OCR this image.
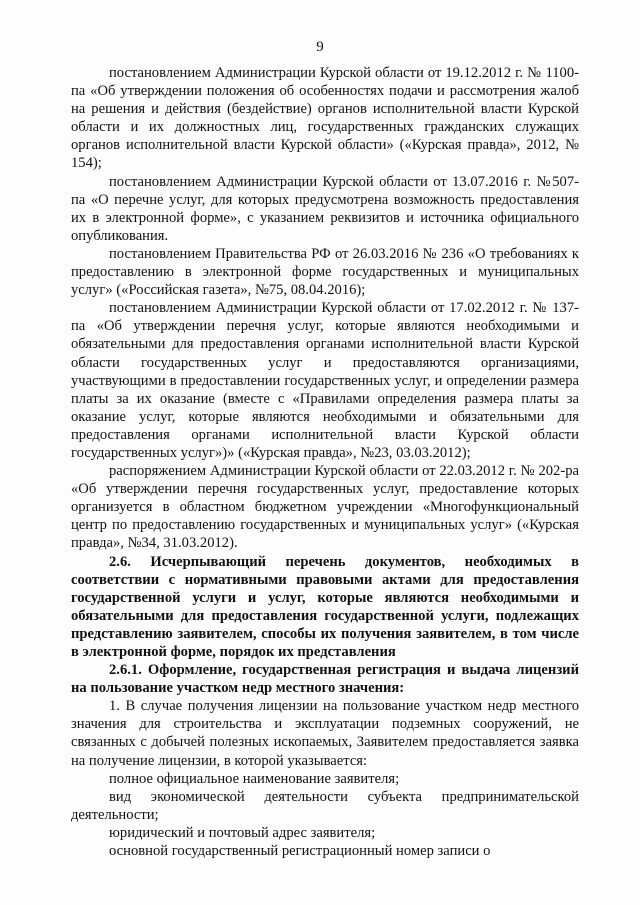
9

постановлением Администрации Курской области от 19.12.2012 г. № 1100-па «Об утверждении положения об особенностях подачи и рассмотрения жалоб на решения и действия (бездействие) органов исполнительной власти Курской области и их должностных лиц, государственных гражданских служащих органов исполнительной власти Курской области» («Курская правда», 2012, № 154);

постановлением Администрации Курской области от 13.07.2016 г. №507-па «О перечне услуг, для которых предусмотрена возможность предоставления их в электронной форме», с указанием реквизитов и источника официального опубликования.

постановлением Правительства РФ от 26.03.2016 № 236 «О требованиях к предоставлению в электронной форме государственных и муниципальных услуг» («Российская газета», №75, 08.04.2016);

постановлением Администрации Курской области от 17.02.2012 г. № 137-па «Об утверждении перечня услуг, которые являются необходимыми и обязательными для предоставления органами исполнительной власти Курской области государственных услуг и предоставляются организациями, участвующими в предоставлении государственных услуг, и определении размера платы за их оказание (вместе с «Правилами определения размера платы за оказание услуг, которые являются необходимыми и обязательными для предоставления органами исполнительной власти Курской области государственных услуг»)» («Курская правда», №23, 03.03.2012);

распоряжением Администрации Курской области от 22.03.2012 г. № 202-ра «Об утверждении перечня государственных услуг, предоставление которых организуется в областном бюджетном учреждении «Многофункциональный центр по предоставлению государственных и муниципальных услуг» («Курская правда», №34, 31.03.2012).

2.6. Исчерпывающий перечень документов, необходимых в соответствии с нормативными правовыми актами для предоставления государственной услуги и услуг, которые являются необходимыми и обязательными для предоставления государственной услуги, подлежащих представлению заявителем, способы их получения заявителем, в том числе в электронной форме, порядок их представления

2.6.1. Оформление, государственная регистрация и выдача лицензий на пользование участком недр местного значения:

1. В случае получения лицензии на пользование участком недр местного значения для строительства и эксплуатации подземных сооружений, не связанных с добычей полезных ископаемых, Заявителем предоставляется заявка на получение лицензии, в которой указывается:

полное официальное наименование заявителя;

вид экономической деятельности субъекта предпринимательской деятельности;

юридический и почтовый адрес заявителя;

основной государственный регистрационный номер записи о
